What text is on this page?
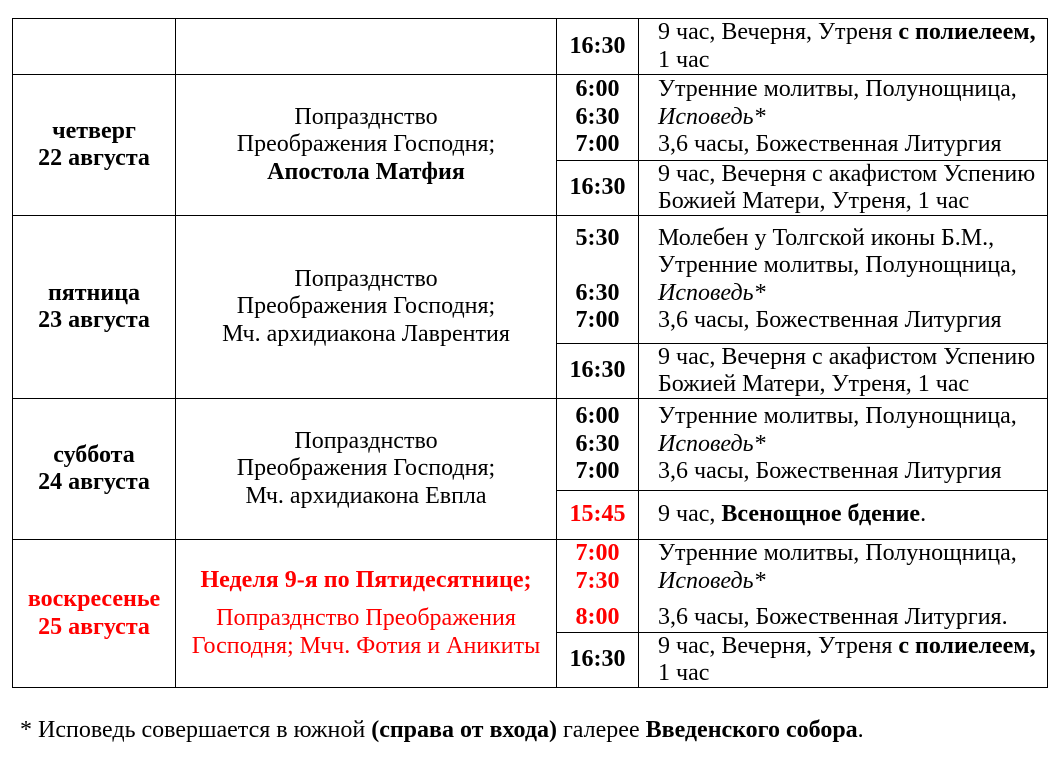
16:30
9 час, Вечерня, Утреня с полиелеем,
1 час
четверг
22 августа
Попразднство
Преображения Господня;
Апостола Матфия
6:00
6:30
7:00
Утренние молитвы, Полунощница,
Исповедь*
3,6 часы, Божественная Литургия
16:30
9 час, Вечерня с акафистом Успению
Божией Матери, Утреня, 1 час
пятница
23 августа
Попразднство
Преображения Господня;
Мч. архидиакона Лаврентия
5:30
6:30
7:00
Молебен у Толгской иконы Б.М.,
Утренние молитвы, Полунощница,
Исповедь*
3,6 часы, Божественная Литургия
16:30
9 час, Вечерня с акафистом Успению
Божией Матери, Утреня, 1 час
суббота
24 августа
Попразднство
Преображения Господня;
Мч. архидиакона Евпла
6:00
6:30
7:00
Утренние молитвы, Полунощница,
Исповедь*
3,6 часы, Божественная Литургия
15:45 9 час, Всенощное бдение.
воскресенье
25 августа
Неделя 9-я по Пятидесятнице;
Попразднство Преображения
Господня; Мчч. Фотия и Аникиты
7:00
7:30
8:00
Утренние молитвы, Полунощница,
Исповедь*
3,6 часы, Божественная Литургия.
16:30
9 час, Вечерня, Утреня с полиелеем,
1 час
* Исповедь совершается в южной (справа от входа) галерее Введенского собора.
